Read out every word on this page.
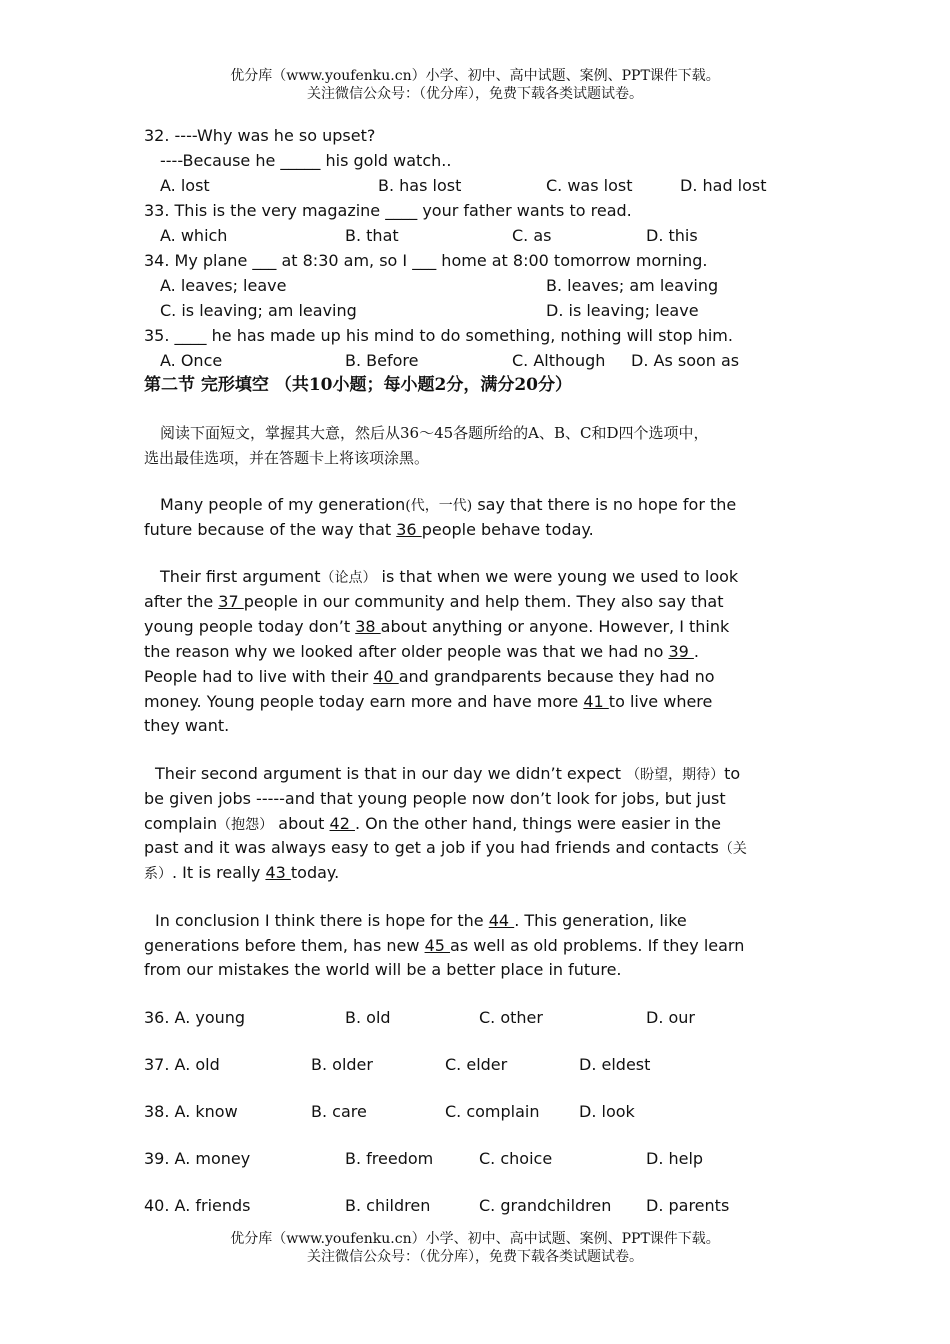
优分库（www.youfenku.cn）小学、初中、高中试题、案例、PPT课件下载。
关注微信公众号：（优分库），免费下载各类试题试卷。
32. ----Why was he so upset?
----Because he _____ his gold watch..
A. lost	B. has lost	C. was lost	D. had lost
33. This is the very magazine ____ your father wants to read.
A. which	B. that	C. as	D. this
34. My plane ___ at 8:30 am, so I ___ home at 8:00 tomorrow morning.
A. leaves; leave	B. leaves; am leaving
C. is leaving; am leaving	D. is leaving; leave
35. ____ he has made up his mind to do something, nothing will stop him.
A. Once	B. Before	C. Although D. As soon as
第二节 完形填空 （共10小题；每小题2分，满分20分）
阅读下面短文，掌握其大意，然后从36～45各题所给的A、B、C和D四个选项中，
选出最佳选项，并在答题卡上将该项涂黑。
Many people of my generation(代，一代) say that there is no hope for the
future because of the way that 36 people behave today.
Their first argument（论点） is that when we were young we used to look
after the 37 people in our community and help them. They also say that
young people today don’t 38 about anything or anyone. However, I think
the reason why we looked after older people was that we had no 39 .
People had to live with their 40 and grandparents because they had no
money. Young people today earn more and have more 41 to live where
they want.
Their second argument is that in our day we didn’t expect （盼望，期待）to
be given jobs -----and that young people now don’t look for jobs, but just
complain（抱怨） about 42 . On the other hand, things were easier in the
past and it was always easy to get a job if you had friends and contacts（关
系）. It is really 43 today.
In conclusion I think there is hope for the 44 . This generation, like
generations before them, has new 45 as well as old problems. If they learn
from our mistakes the world will be a better place in future.
36. A. young	B. old	C. other	D. our
37. A. old	B. older	C. elder	D. eldest
38. A. know	B. care	C. complain D. look
39. A. money	B. freedom	C. choice	D. help
40. A. friends	B. children	C. grandchildren D. parents
优分库（www.youfenku.cn）小学、初中、高中试题、案例、PPT课件下载。
关注微信公众号：（优分库），免费下载各类试题试卷。
